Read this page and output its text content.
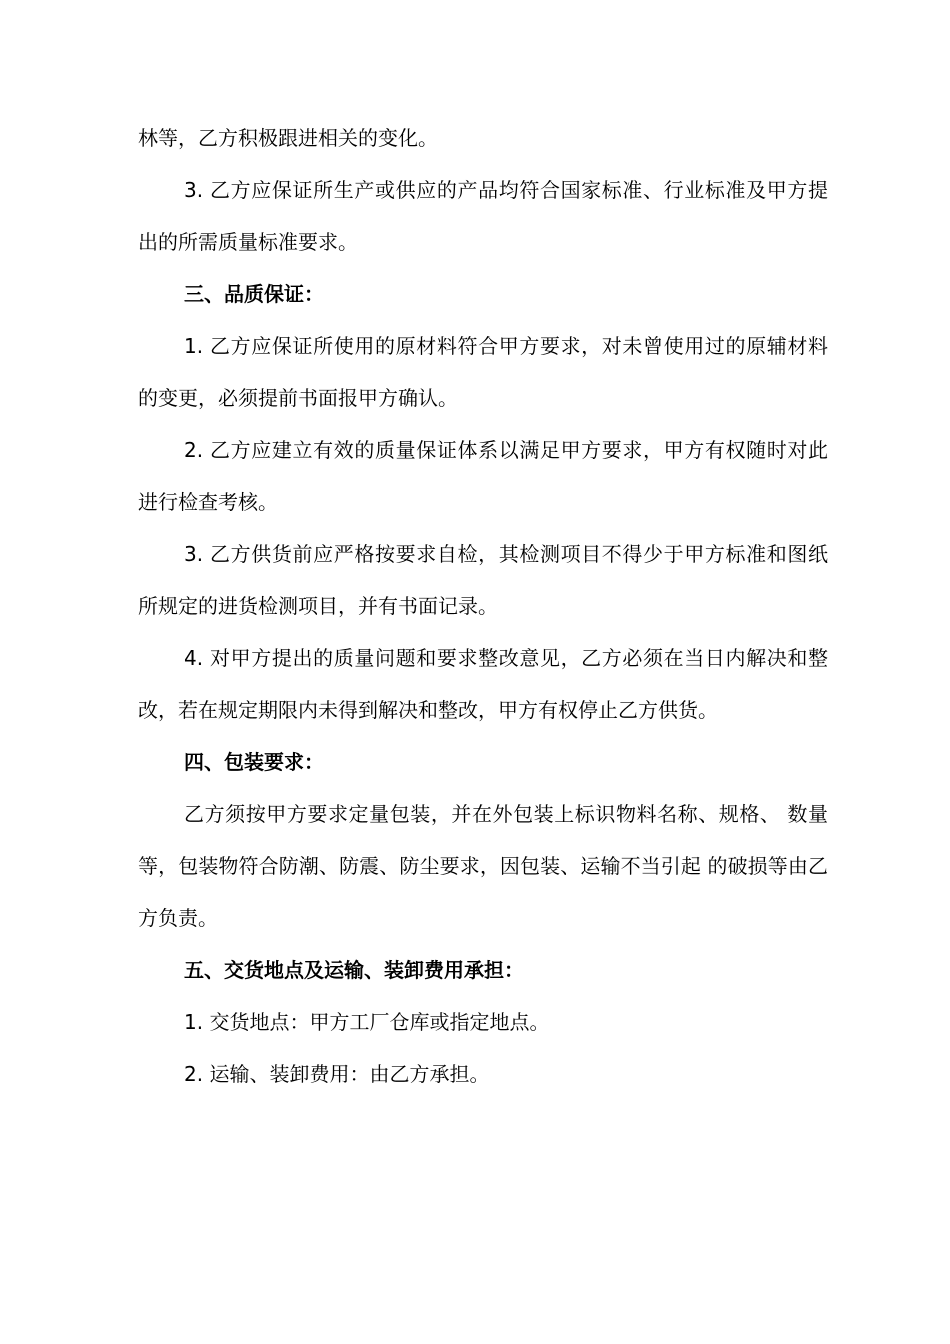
林等，乙方积极跟进相关的变化。

3. 乙方应保证所生产或供应的产品均符合国家标准、行业标准及甲方提出的所需质量标准要求。

三、品质保证：

1. 乙方应保证所使用的原材料符合甲方要求，对未曾使用过的原辅材料的变更，必须提前书面报甲方确认。

2. 乙方应建立有效的质量保证体系以满足甲方要求，甲方有权随时对此进行检查考核。

3. 乙方供货前应严格按要求自检，其检测项目不得少于甲方标准和图纸所规定的进货检测项目，并有书面记录。

4. 对甲方提出的质量问题和要求整改意见，乙方必须在当日内解决和整改，若在规定期限内未得到解决和整改，甲方有权停止乙方供货。

四、包装要求：

乙方须按甲方要求定量包装，并在外包装上标识物料名称、规格、 数量等，包装物符合防潮、防震、防尘要求，因包装、运输不当引起 的破损等由乙方负责。

五、交货地点及运输、装卸费用承担：

1. 交货地点：甲方工厂仓库或指定地点。

2. 运输、装卸费用：由乙方承担。
